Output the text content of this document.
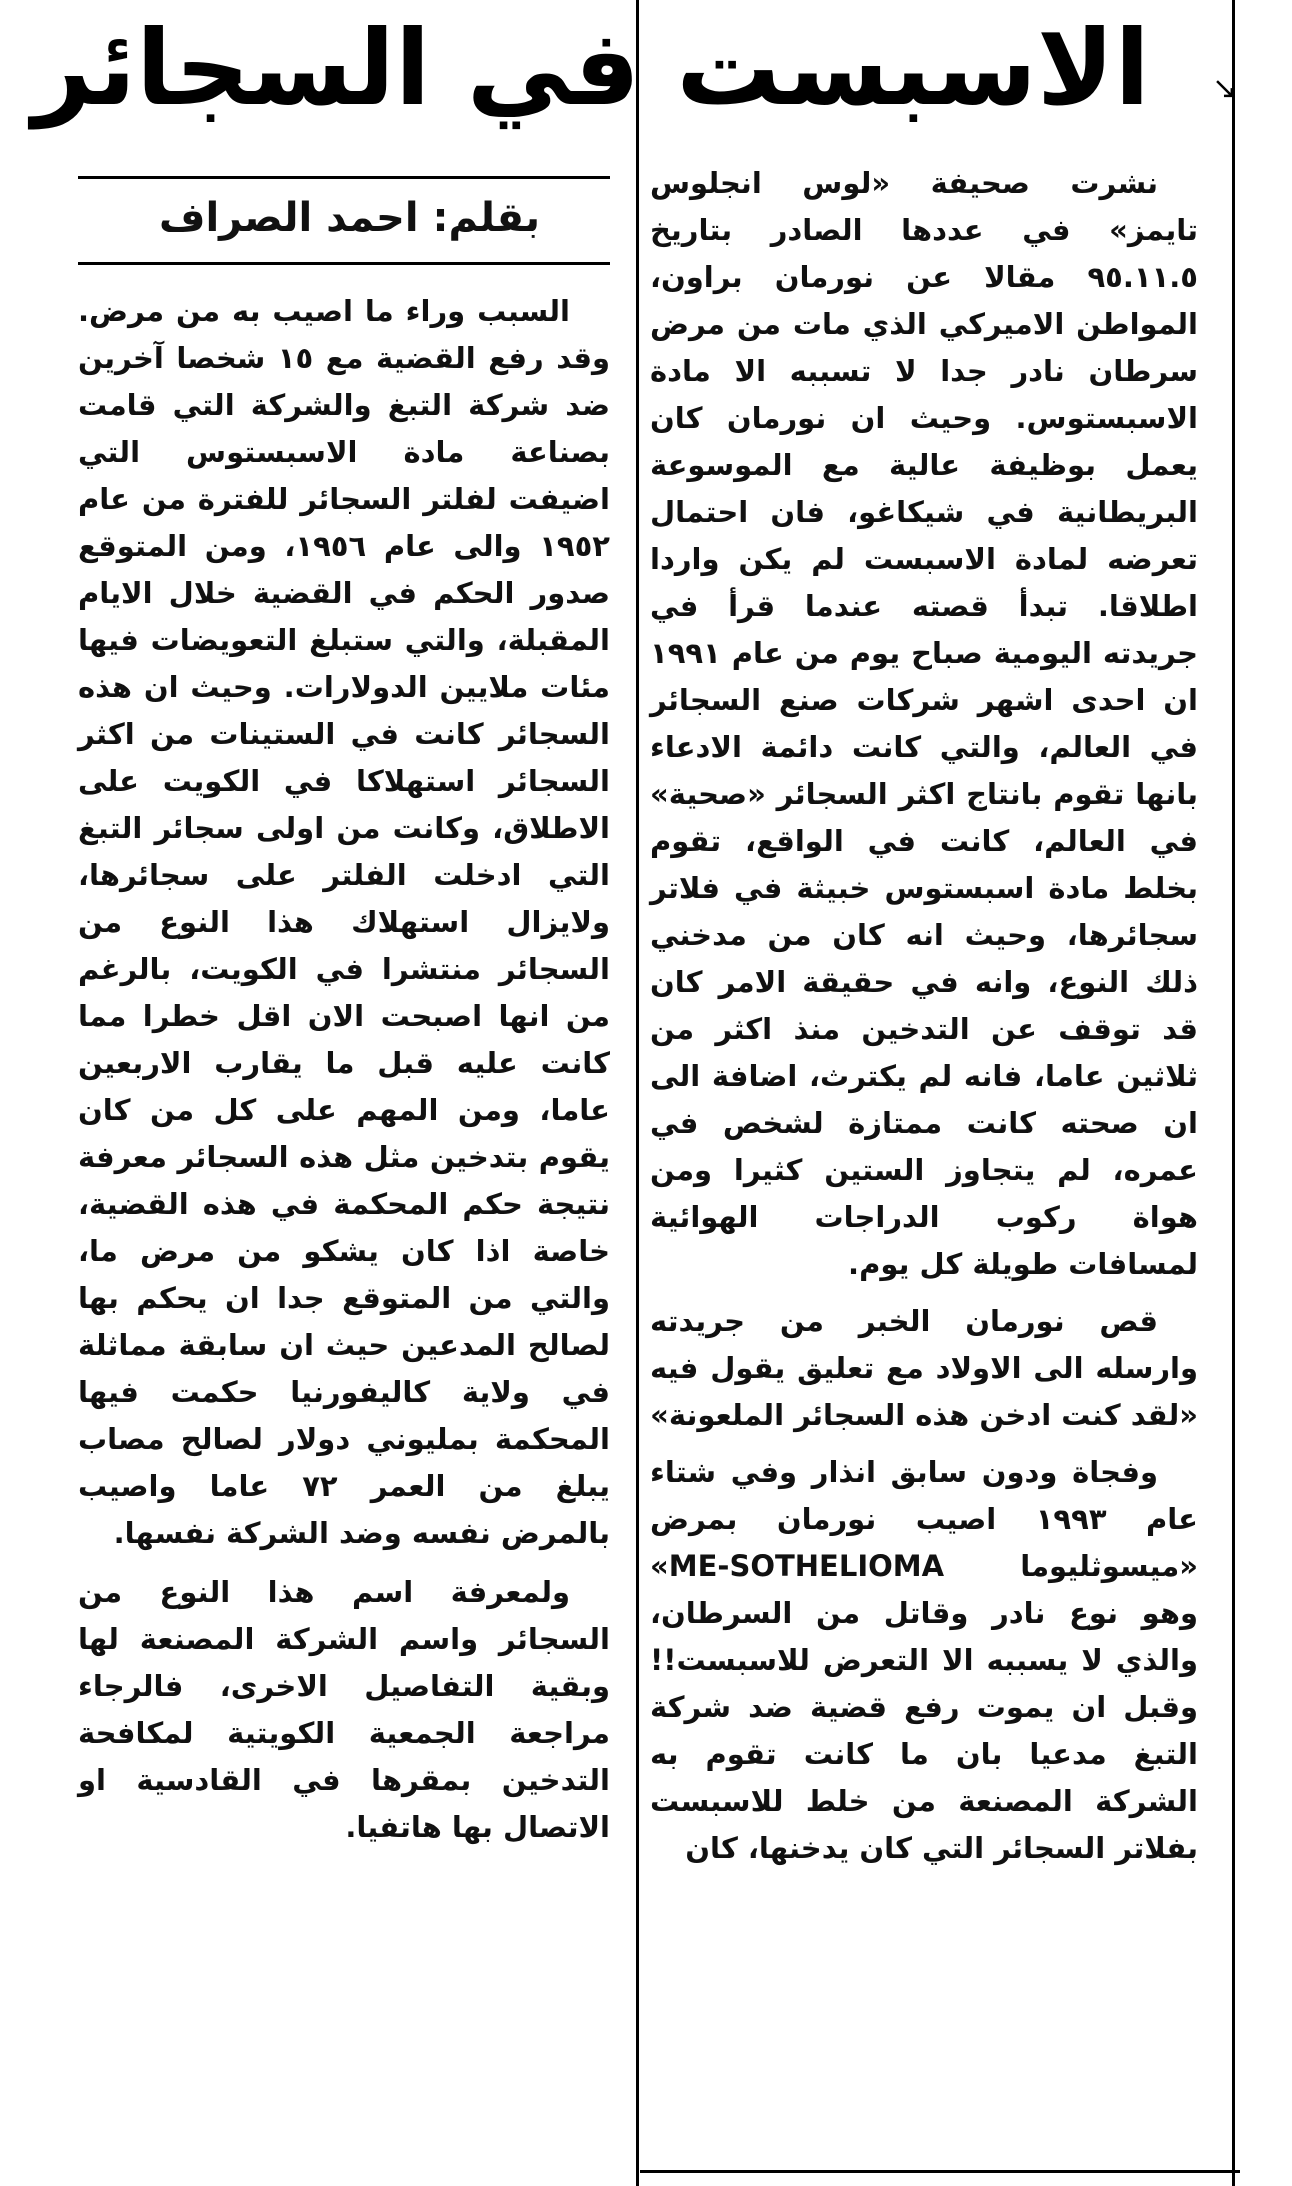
الاسبست في السجائر ↘
بقلم: احمد الصراف

نشرت صحيفة «لوس انجلوس تايمز» في عددها الصادر بتاريخ ٩٥.١١.٥ مقالا عن نورمان براون، المواطن الاميركي الذي مات من مرض سرطان نادر جدا لا تسببه الا مادة الاسبستوس. وحيث ان نورمان كان يعمل بوظيفة عالية مع الموسوعة البريطانية في شيكاغو، فان احتمال تعرضه لمادة الاسبست لم يكن واردا اطلاقا. تبدأ قصته عندما قرأ في جريدته اليومية صباح يوم من عام ١٩٩١ ان احدى اشهر شركات صنع السجائر في العالم، والتي كانت دائمة الادعاء بانها تقوم بانتاج اكثر السجائر «صحية» في العالم، كانت في الواقع، تقوم بخلط مادة اسبستوس خبيثة في فلاتر سجائرها، وحيث انه كان من مدخني ذلك النوع، وانه في حقيقة الامر كان قد توقف عن التدخين منذ اكثر من ثلاثين عاما، فانه لم يكترث، اضافة الى ان صحته كانت ممتازة لشخص في عمره، لم يتجاوز الستين كثيرا ومن هواة ركوب الدراجات الهوائية لمسافات طويلة كل يوم.

قص نورمان الخبر من جريدته وارسله الى الاولاد مع تعليق يقول فيه «لقد كنت ادخن هذه السجائر الملعونة»

وفجاة ودون سابق انذار وفي شتاء عام ١٩٩٣ اصيب نورمان بمرض «ميسوثليوما ME-SOTHELIOMA» وهو نوع نادر وقاتل من السرطان، والذي لا يسببه الا التعرض للاسبست!! وقبل ان يموت رفع قضية ضد شركة التبغ مدعيا بان ما كانت تقوم به الشركة المصنعة من خلط للاسبست بفلاتر السجائر التي كان يدخنها، كان

السبب وراء ما اصيب به من مرض. وقد رفع القضية مع ١٥ شخصا آخرين ضد شركة التبغ والشركة التي قامت بصناعة مادة الاسبستوس التي اضيفت لفلتر السجائر للفترة من عام ١٩٥٢ والى عام ١٩٥٦، ومن المتوقع صدور الحكم في القضية خلال الايام المقبلة، والتي ستبلغ التعويضات فيها مئات ملايين الدولارات. وحيث ان هذه السجائر كانت في الستينات من اكثر السجائر استهلاكا في الكويت على الاطلاق، وكانت من اولى سجائر التبغ التي ادخلت الفلتر على سجائرها، ولايزال استهلاك هذا النوع من السجائر منتشرا في الكويت، بالرغم من انها اصبحت الان اقل خطرا مما كانت عليه قبل ما يقارب الاربعين عاما، ومن المهم على كل من كان يقوم بتدخين مثل هذه السجائر معرفة نتيجة حكم المحكمة في هذه القضية، خاصة اذا كان يشكو من مرض ما، والتي من المتوقع جدا ان يحكم بها لصالح المدعين حيث ان سابقة مماثلة في ولاية كاليفورنيا حكمت فيها المحكمة بمليوني دولار لصالح مصاب يبلغ من العمر ٧٢ عاما واصيب بالمرض نفسه وضد الشركة نفسها.

ولمعرفة اسم هذا النوع من السجائر واسم الشركة المصنعة لها وبقية التفاصيل الاخرى، فالرجاء مراجعة الجمعية الكويتية لمكافحة التدخين بمقرها في القادسية او الاتصال بها هاتفيا.
